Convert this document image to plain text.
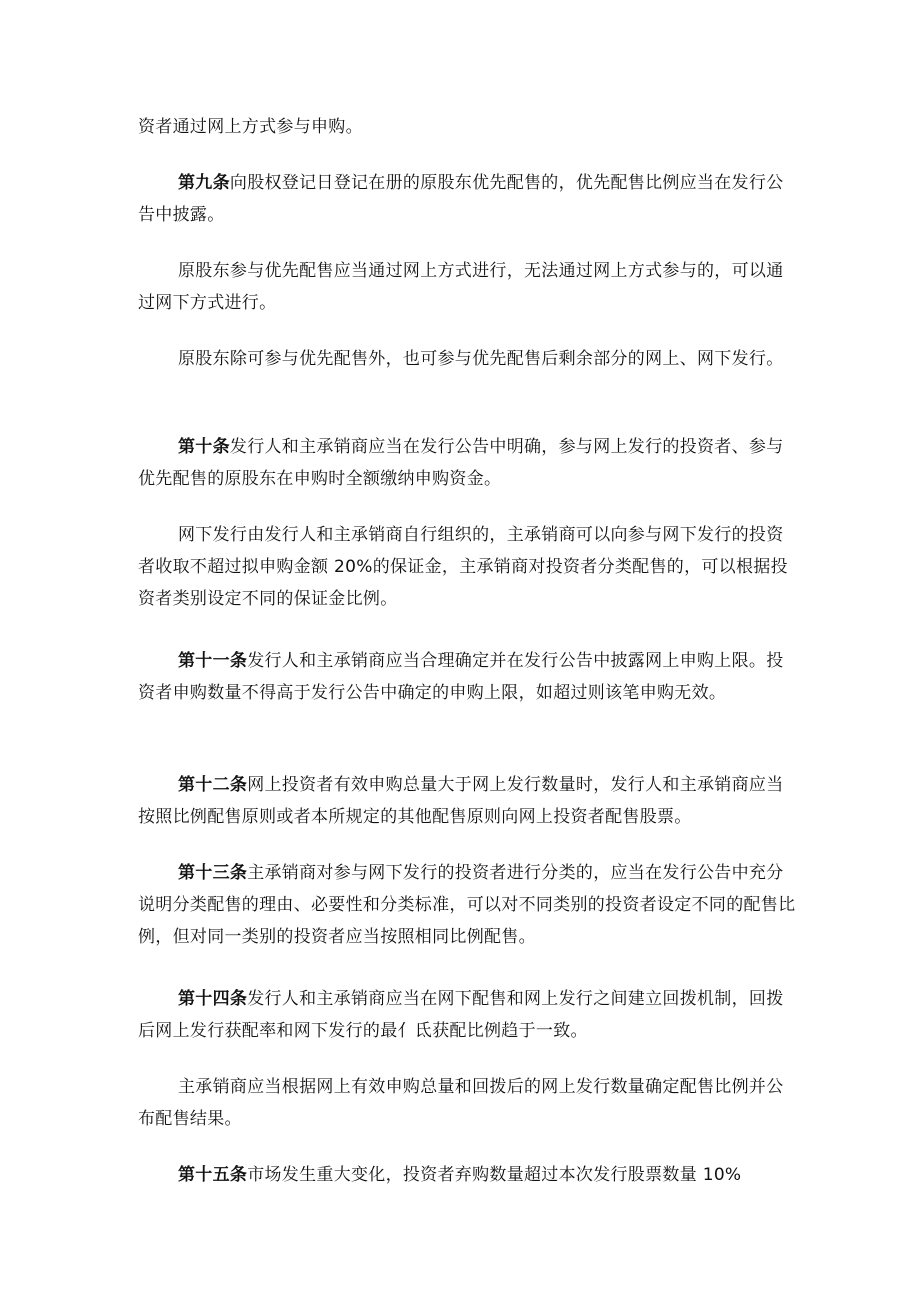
资者通过网上方式参与申购。

第九条向股权登记日登记在册的原股东优先配售的，优先配售比例应当在发行公告中披露。

原股东参与优先配售应当通过网上方式进行，无法通过网上方式参与的，可以通过网下方式进行。

原股东除可参与优先配售外，也可参与优先配售后剩余部分的网上、网下发行。

第十条发行人和主承销商应当在发行公告中明确，参与网上发行的投资者、参与优先配售的原股东在申购时全额缴纳申购资金。

网下发行由发行人和主承销商自行组织的，主承销商可以向参与网下发行的投资者收取不超过拟申购金额 20%的保证金，主承销商对投资者分类配售的，可以根据投资者类别设定不同的保证金比例。

第十一条发行人和主承销商应当合理确定并在发行公告中披露网上申购上限。投资者申购数量不得高于发行公告中确定的申购上限，如超过则该笔申购无效。

第十二条网上投资者有效申购总量大于网上发行数量时，发行人和主承销商应当按照比例配售原则或者本所规定的其他配售原则向网上投资者配售股票。

第十三条主承销商对参与网下发行的投资者进行分类的，应当在发行公告中充分说明分类配售的理由、必要性和分类标准，可以对不同类别的投资者设定不同的配售比例，但对同一类别的投资者应当按照相同比例配售。

第十四条发行人和主承销商应当在网下配售和网上发行之间建立回拨机制，回拨后网上发行获配率和网下发行的最亻氐获配比例趋于一致。

主承销商应当根据网上有效申购总量和回拨后的网上发行数量确定配售比例并公布配售结果。

第十五条市场发生重大变化，投资者弃购数量超过本次发行股票数量 10%
